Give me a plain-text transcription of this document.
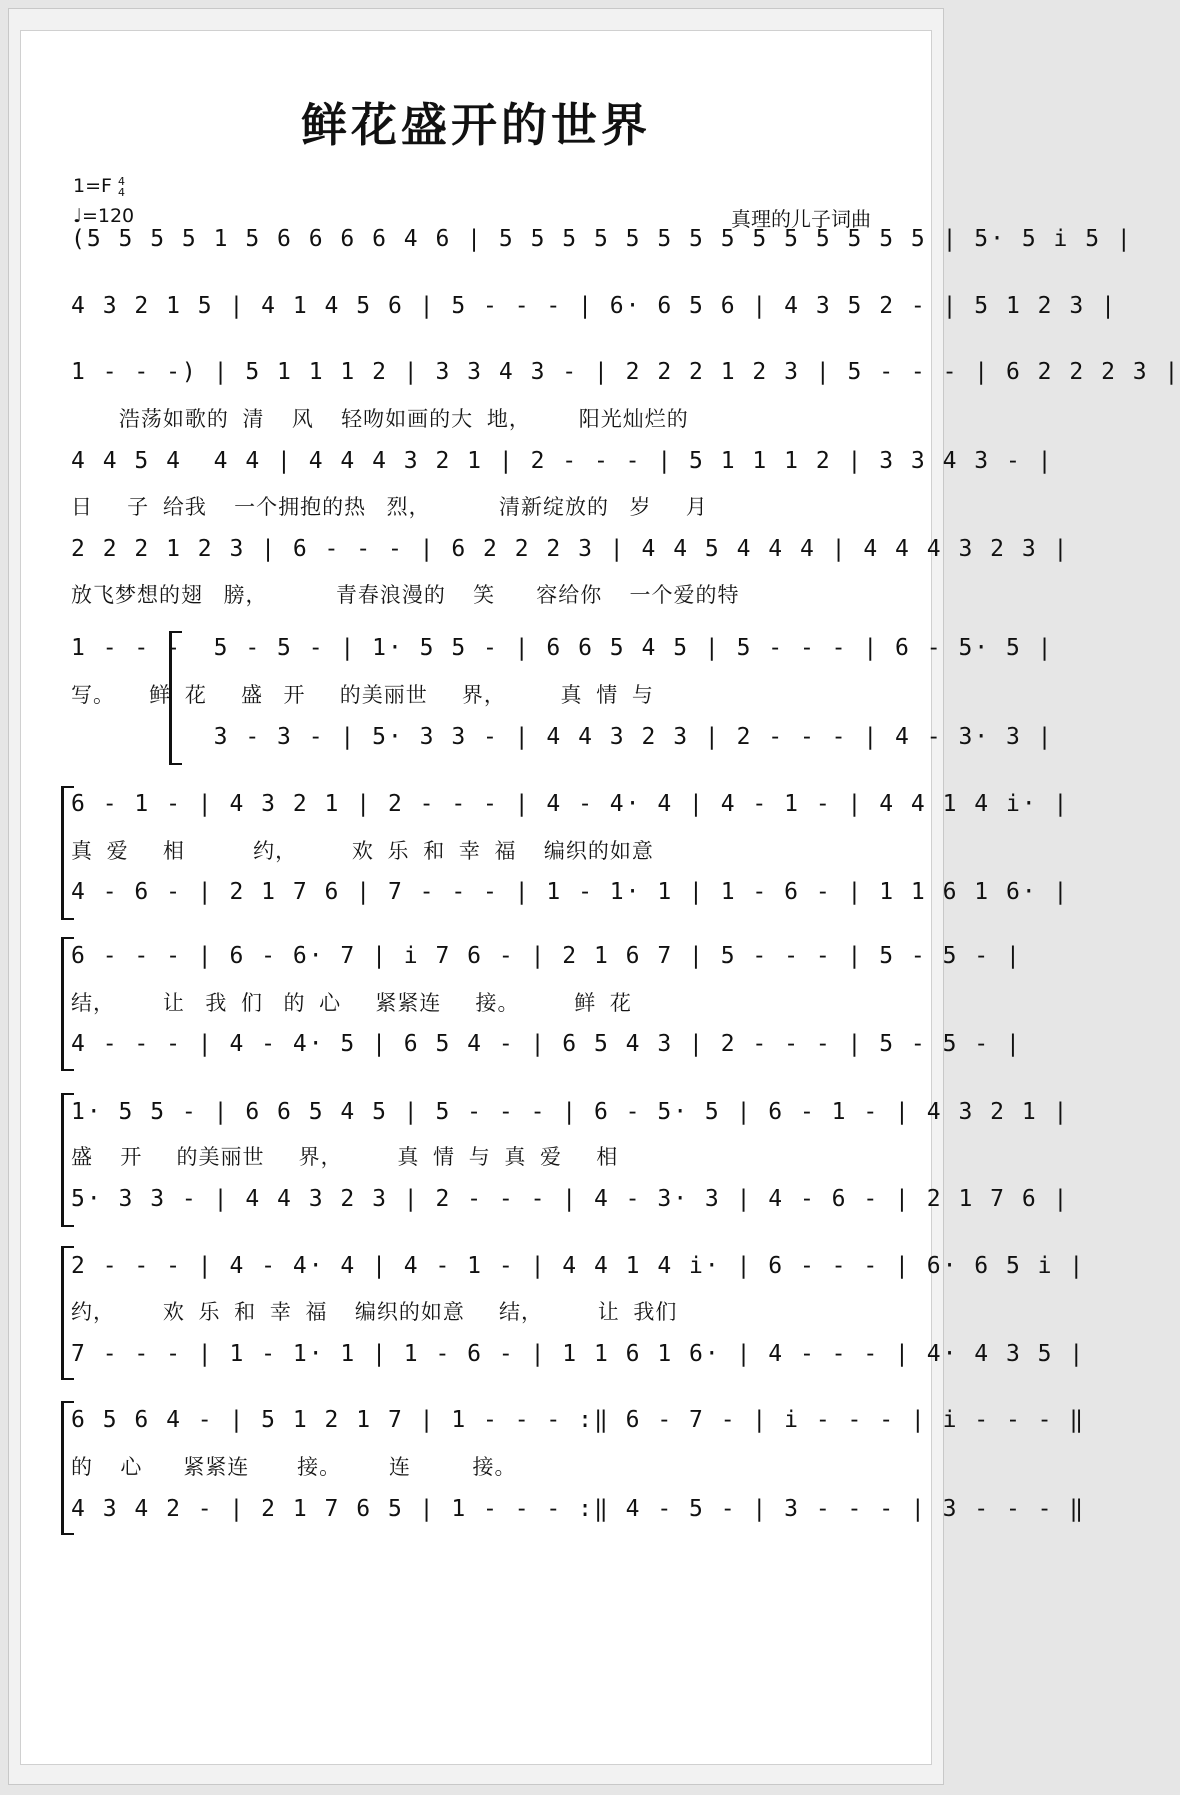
鲜花盛开的世界
1=F 4
4
♩=120	真理的儿子词曲
(5 5 5 5 1 5 6 6 6 6 4 6 | 5 5 5 5 5 5 5 5 5 5 5 5 5 5 | 5· 5 i 5 |
4 3 2 1 5 | 4 1 4 5 6 | 5 - - - | 6· 6 5 6 | 4 3 5 2 - | 5 1 2 3 |
1 - - -) | 5 1 1 1 2 | 3 3 4 3 - | 2 2 2 1 2 3 | 5 - - - | 6 2 2 2 3 |
浩荡如歌的  清    风    轻吻如画的大  地，       阳光灿烂的
4 4 5 4  4 4 | 4 4 4 3 2 1 | 2 - - - | 5 1 1 1 2 | 3 3 4 3 - |
日     子  给我    一个拥抱的热   烈，          清新绽放的   岁     月
2 2 2 1 2 3 | 6 - - - | 6 2 2 2 3 | 4 4 5 4 4 4 | 4 4 4 3 2 3 |
放飞梦想的翅   膀，          青春浪漫的    笑      容给你    一个爱的特
1 - - -  5 - 5 - | 1· 5 5 - | 6 6 5 4 5 | 5 - - - | 6 - 5· 5 |
写。     鲜  花     盛   开     的美丽世     界，        真  情  与
3 - 3 - | 5· 3 3 - | 4 4 3 2 3 | 2 - - - | 4 - 3· 3 |
6 - 1 - | 4 3 2 1 | 2 - - - | 4 - 4· 4 | 4 - 1 - | 4 4 1 4 i· |
真  爱     相          约，        欢  乐  和  幸  福    编织的如意
4 - 6 - | 2 1 7 6 | 7 - - - | 1 - 1· 1 | 1 - 6 - | 1 1 6 1 6· |
6 - - - | 6 - 6· 7 | i 7 6 - | 2 1 6 7 | 5 - - - | 5 - 5 - |
结，       让   我  们   的  心     紧紧连     接。        鲜  花
4 - - - | 4 - 4· 5 | 6 5 4 - | 6 5 4 3 | 2 - - - | 5 - 5 - |
1· 5 5 - | 6 6 5 4 5 | 5 - - - | 6 - 5· 5 | 6 - 1 - | 4 3 2 1 |
盛    开     的美丽世     界，        真  情  与  真  爱     相
5· 3 3 - | 4 4 3 2 3 | 2 - - - | 4 - 3· 3 | 4 - 6 - | 2 1 7 6 |
2 - - - | 4 - 4· 4 | 4 - 1 - | 4 4 1 4 i· | 6 - - - | 6· 6 5 i |
约，       欢  乐  和  幸  福    编织的如意     结，        让  我们
7 - - - | 1 - 1· 1 | 1 - 6 - | 1 1 6 1 6· | 4 - - - | 4· 4 3 5 |
6 5 6 4 - | 5 1 2 1 7 | 1 - - - :‖ 6 - 7 - | i - - - | i - - - ‖
的    心      紧紧连       接。       连         接。
4 3 4 2 - | 2 1 7 6 5 | 1 - - - :‖ 4 - 5 - | 3 - - - | 3 - - - ‖
